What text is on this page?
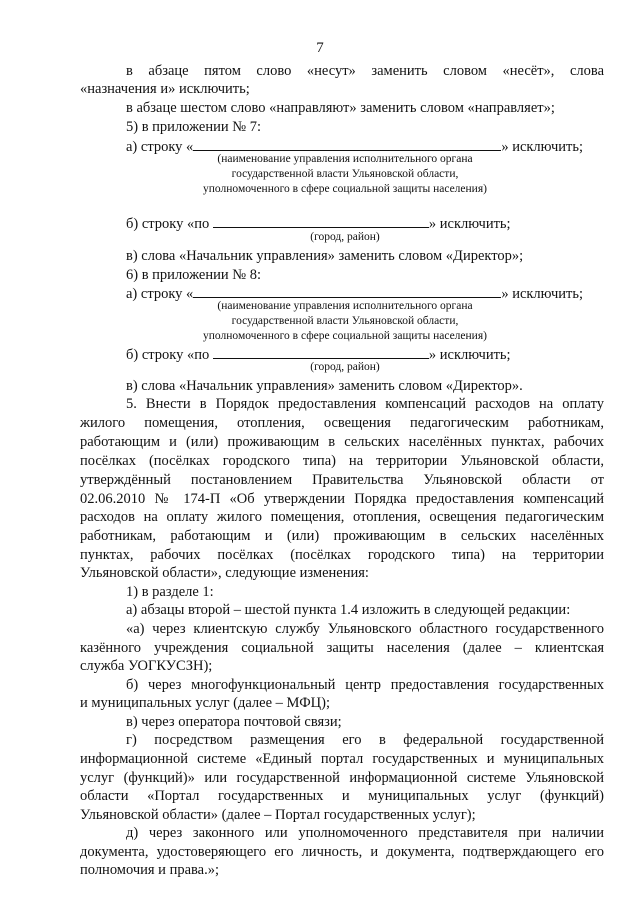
7
в абзаце пятом слово «несут» заменить словом «несёт», слова
«назначения и» исключить;
в абзаце шестом слово «направляют» заменить словом «направляет»;
5) в приложении № 7:
а) строку «	» исключить;
(наименование управления исполнительного органа
государственной власти Ульяновской области,
уполномоченного в сфере социальной защиты населения)
б) строку «по	» исключить;
(город, район)
в) слова «Начальник управления» заменить словом «Директор»;
6) в приложении № 8:
а) строку «	» исключить;
(наименование управления исполнительного органа
государственной власти Ульяновской области,
уполномоченного в сфере социальной защиты населения)
б) строку «по	» исключить;
(город, район)
в) слова «Начальник управления» заменить словом «Директор».
5. Внести в Порядок предоставления компенсаций расходов на оплату
жилого помещения, отопления, освещения педагогическим работникам,
работающим и (или) проживающим в сельских населённых пунктах, рабочих
посёлках (посёлках городского типа) на территории Ульяновской области,
утверждённый постановлением Правительства Ульяновской области от
02.06.2010 № 174-П «Об утверждении Порядка предоставления компенсаций
расходов на оплату жилого помещения, отопления, освещения педагогическим
работникам, работающим и (или) проживающим в сельских населённых
пунктах, рабочих посёлках (посёлках городского типа) на территории
Ульяновской области», следующие изменения:
1) в разделе 1:
а) абзацы второй – шестой пункта 1.4 изложить в следующей редакции:
«а) через клиентскую службу Ульяновского областного государственного
казённого учреждения социальной защиты населения (далее – клиентская
служба УОГКУСЗН);
б) через многофункциональный центр предоставления государственных
и муниципальных услуг (далее – МФЦ);
в) через оператора почтовой связи;
г) посредством размещения его в федеральной государственной
информационной системе «Единый портал государственных и муниципальных
услуг (функций)» или государственной информационной системе Ульяновской
области «Портал государственных и муниципальных услуг (функций)
Ульяновской области» (далее – Портал государственных услуг);
д) через законного или уполномоченного представителя при наличии
документа, удостоверяющего его личность, и документа, подтверждающего его
полномочия и права.»;
